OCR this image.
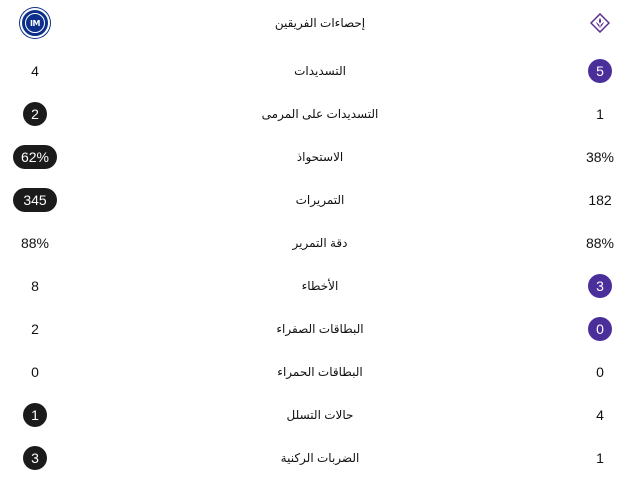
IM	إحصاءات الفريقين
4	التسديدات	5
2	التسديدات على المرمى	1
62%	الاستحواذ	38%
345	التمريرات	182
88%	دقة التمرير	88%
8	الأخطاء	3
2	البطاقات الصفراء	0
0	البطاقات الحمراء	0
1	حالات التسلل	4
3	الضربات الركنية	1
